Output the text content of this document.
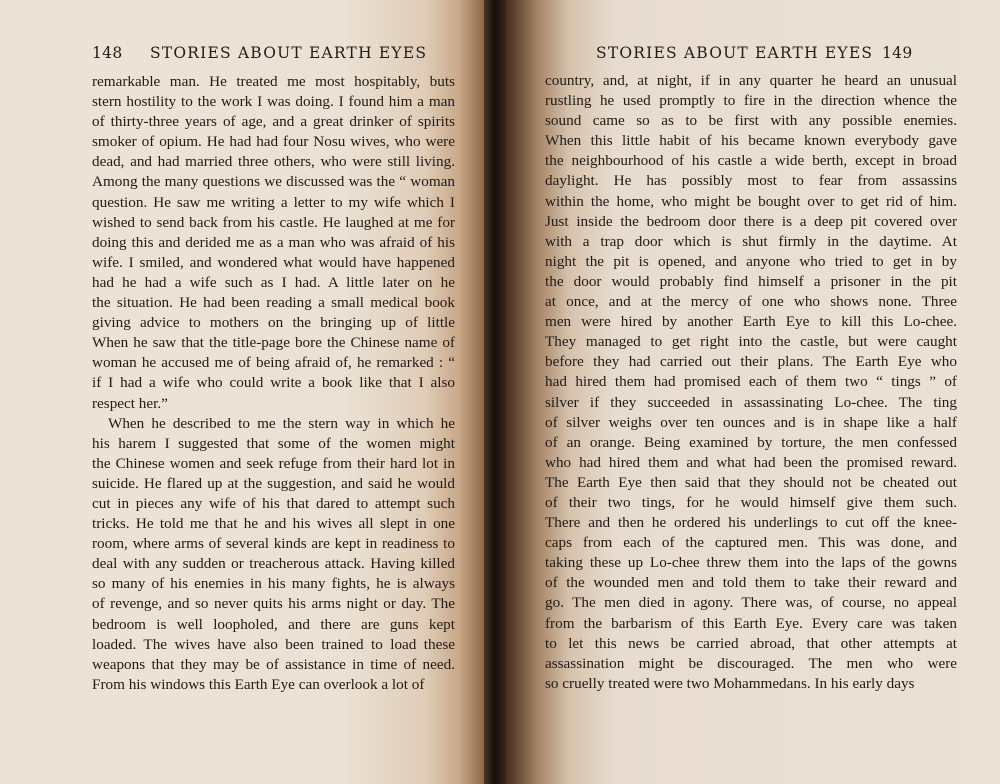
148 STORIES ABOUT EARTH EYES
remarkable man. He treated me most hospitably, buts
stern hostility to the work I was doing. I found him a man
of thirty-three years of age, and a great drinker of spirits
smoker of opium. He had had four Nosu wives, who were
dead, and had married three others, who were still living.
Among the many questions we discussed was the “ woman
question. He saw me writing a letter to my wife which I
wished to send back from his castle. He laughed at me for
doing this and derided me as a man who was afraid of his
wife. I smiled, and wondered what would have happened
had he had a wife such as I had. A little later on he
the situation. He had been reading a small medical book
giving advice to mothers on the bringing up of little
When he saw that the title-page bore the Chinese name of
woman he accused me of being afraid of, he remarked : “
if I had a wife who could write a book like that I also
respect her.”
When he described to me the stern way in which he
his harem I suggested that some of the women might
the Chinese women and seek refuge from their hard lot in
suicide. He flared up at the suggestion, and said he would
cut in pieces any wife of his that dared to attempt such
tricks. He told me that he and his wives all slept in one
room, where arms of several kinds are kept in readiness to
deal with any sudden or treacherous attack. Having killed
so many of his enemies in his many fights, he is always
of revenge, and so never quits his arms night or day. The
bedroom is well loopholed, and there are guns kept
loaded. The wives have also been trained to load these
weapons that they may be of assistance in time of need.
From his windows this Earth Eye can overlook a lot of
STORIES ABOUT EARTH EYES 149
country, and, at night, if in any quarter he heard an unusual
rustling he used promptly to fire in the direction whence the
sound came so as to be first with any possible enemies.
When this little habit of his became known everybody gave
the neighbourhood of his castle a wide berth, except in broad
daylight. He has possibly most to fear from assassins
within the home, who might be bought over to get rid of him.
Just inside the bedroom door there is a deep pit covered over
with a trap door which is shut firmly in the daytime. At
night the pit is opened, and anyone who tried to get in by
the door would probably find himself a prisoner in the pit
at once, and at the mercy of one who shows none. Three
men were hired by another Earth Eye to kill this Lo-chee.
They managed to get right into the castle, but were caught
before they had carried out their plans. The Earth Eye who
had hired them had promised each of them two “ tings ” of
silver if they succeeded in assassinating Lo-chee. The ting
of silver weighs over ten ounces and is in shape like a half
of an orange. Being examined by torture, the men confessed
who had hired them and what had been the promised reward.
The Earth Eye then said that they should not be cheated out
of their two tings, for he would himself give them such.
There and then he ordered his underlings to cut off the knee-
caps from each of the captured men. This was done, and
taking these up Lo-chee threw them into the laps of the gowns
of the wounded men and told them to take their reward and
go. The men died in agony. There was, of course, no appeal
from the barbarism of this Earth Eye. Every care was taken
to let this news be carried abroad, that other attempts at
assassination might be discouraged. The men who were
so cruelly treated were two Mohammedans. In his early days
